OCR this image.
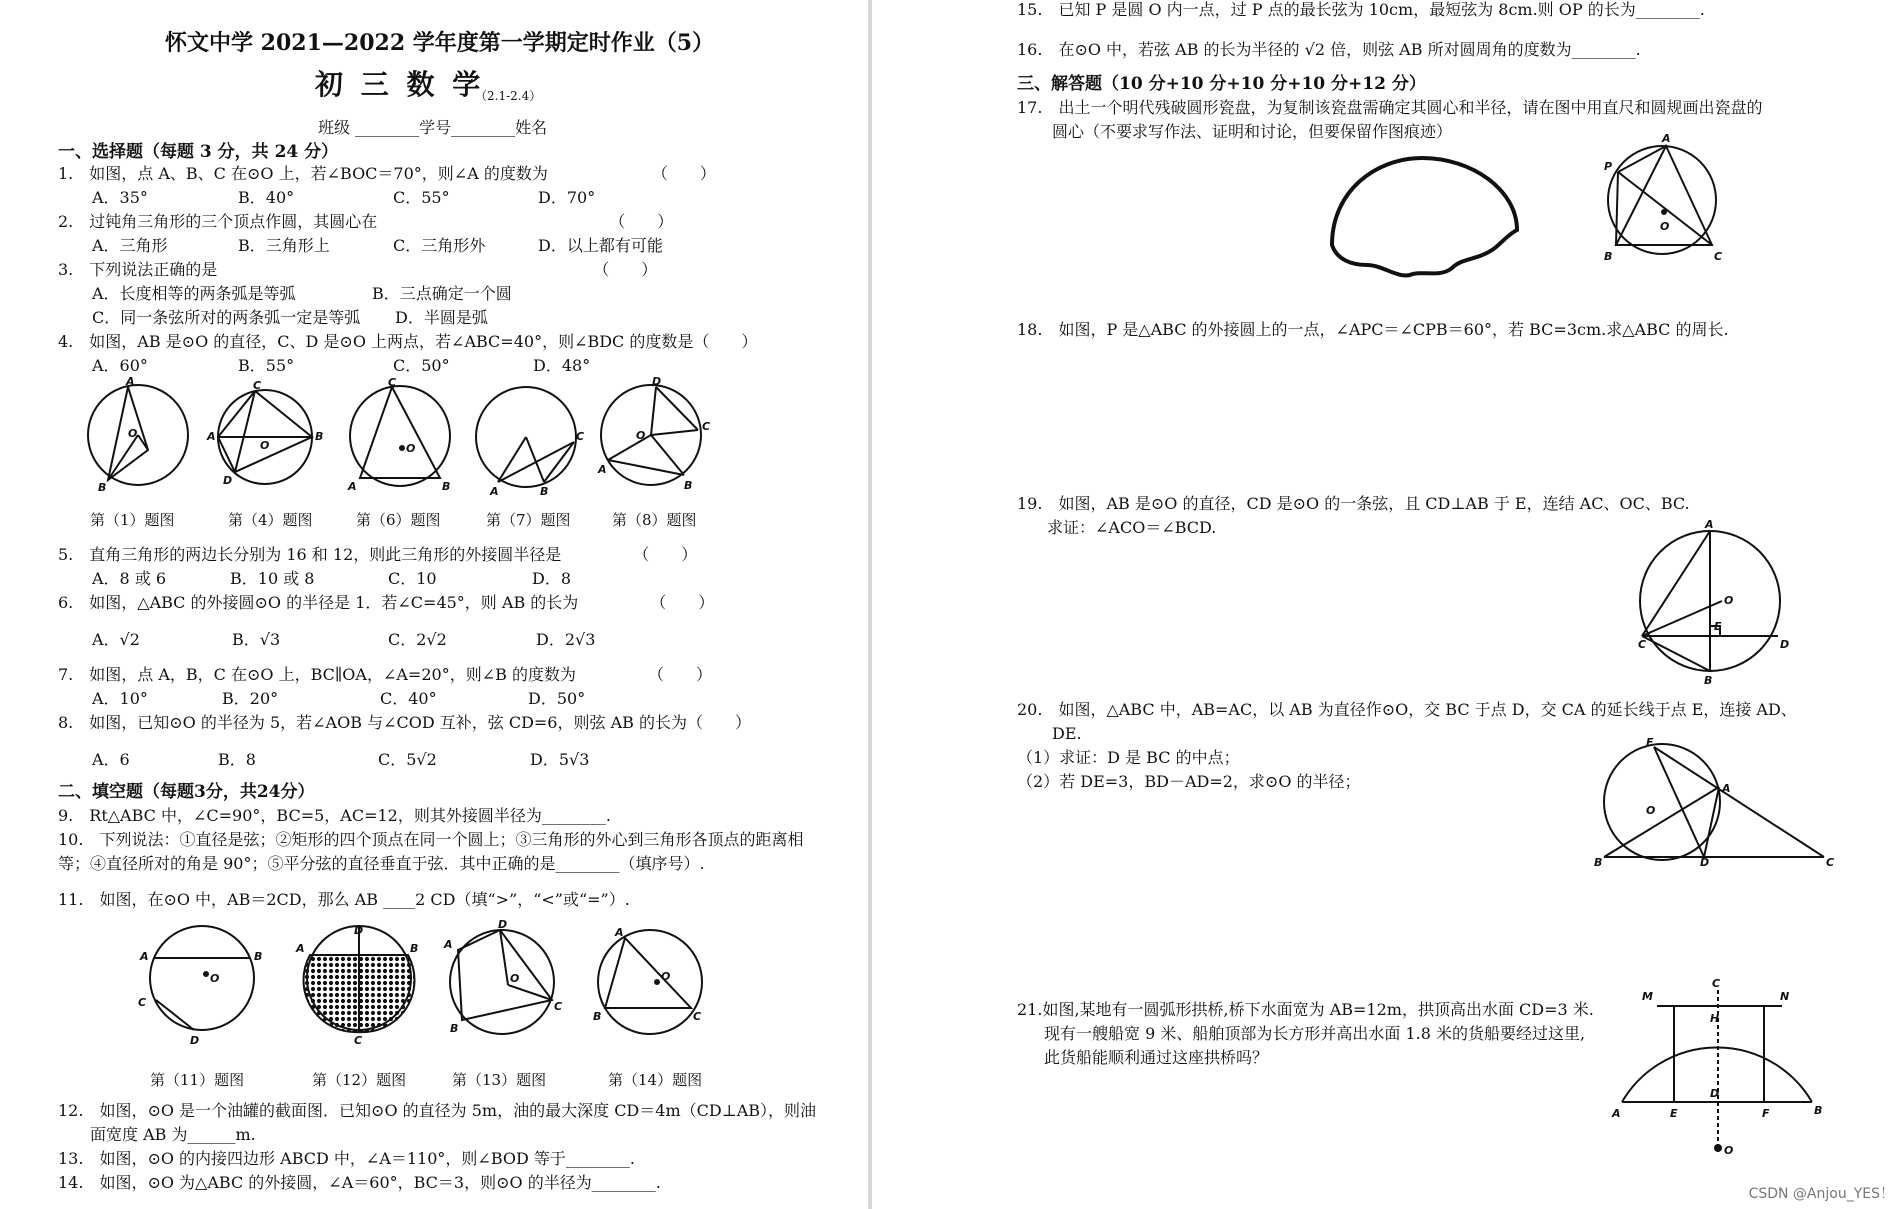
怀文中学 2021—2022 学年度第一学期定时作业（5）
初 三 数 学
（2.1-2.4）
班级 ________学号________姓名
一、选择题（每题 3 分，共 24 分）
1.　如图，点 A、B、C 在⊙O 上，若∠BOC＝70°，则∠A 的度数为　　　　　　　（　　）
A．35°	B．40°	C．55°	D．70°
2.　过钝角三角形的三个顶点作圆，其圆心在　　　　　　　　　　　　　　　（　　）
A．三角形	B．三角形上	C．三角形外	D．以上都有可能
3.　下列说法正确的是　　　　　　　　　　　　　　　　　　　　　　　　（　　）
A．长度相等的两条弧是等弧	B．三点确定一个圆
C．同一条弦所对的两条弧一定是等弧 D．半圆是弧
4.　如图，AB 是⊙O 的直径，C、D 是⊙O 上两点，若∠ABC=40°，则∠BDC 的度数是（　　）
A．60°	B．55°	C．50°	D．48°
A
O
B
C
A	B
D
O
C
O
A	B	A	B
C
D
C
O
A
B
第（1）题图	第（4）题图	第（6）题图	第（7）题图	第（8）题图
5.　直角三角形的两边长分别为 16 和 12，则此三角形的外接圆半径是　　　　　（　　）
A．8 或 6	B．10 或 8	C．10	D．8
6.　如图，△ABC 的外接圆⊙O 的半径是 1．若∠C=45°，则 AB 的长为　　　　　（　　）
A．√2	B．√3	C．2√2	D．2√3
7.　如图，点 A，B，C 在⊙O 上，BC∥OA，∠A=20°，则∠B 的度数为　　　　　（　　）
A．10°	B．20°	C．40°	D．50°
8.　如图，已知⊙O 的半径为 5，若∠AOB 与∠COD 互补，弦 CD=6，则弦 AB 的长为（　　）
A．6	B．8	C．5√2	D．5√3
二、填空题（每题3分，共24分）
9.　Rt△ABC 中，∠C=90°，BC=5，AC=12，则其外接圆半径为________.
10.　下列说法：①直径是弦；②矩形的四个顶点在同一个圆上；③三角形的外心到三角形各顶点的距离相
等；④直径所对的角是 90°；⑤平分弦的直径垂直于弦．其中正确的是________（填序号）.
11.　如图，在⊙O 中，AB＝2CD，那么 AB ____2 CD（填“>”，“<”或“=”）.
A	B
C
D
O
A	B
D
C
D
A
B
C
O
A
B	C
O
第（11）题图	第（12）题图	第（13）题图	第（14）题图
12.　如图，⊙O 是一个油罐的截面图．已知⊙O 的直径为 5m，油的最大深度 CD＝4m（CD⊥AB），则油
面宽度 AB 为______m.
13.　如图，⊙O 的内接四边形 ABCD 中，∠A＝110°，则∠BOD 等于________.
14.　如图，⊙O 为△ABC 的外接圆，∠A＝60°，BC＝3，则⊙O 的半径为________.
15.　已知 P 是圆 O 内一点，过 P 点的最长弦为 10cm，最短弦为 8cm.则 OP 的长为________.
16.　在⊙O 中，若弦 AB 的长为半径的 √2 倍，则弦 AB 所对圆周角的度数为________.
三、解答题（10 分+10 分+10 分+10 分+12 分）
17.　出土一个明代残破圆形瓷盘，为复制该瓷盘需确定其圆心和半径，请在图中用直尺和圆规画出瓷盘的
圆心（不要求写作法、证明和讨论，但要保留作图痕迹）	A
P
B	C
O
18.　如图，P 是△ABC 的外接圆上的一点，∠APC＝∠CPB＝60°，若 BC=3cm.求△ABC 的周长.
19.　如图，AB 是⊙O 的直径，CD 是⊙O 的一条弦，且 CD⊥AB 于 E，连结 AC、OC、BC.
求证：∠ACO＝∠BCD.	A
O
E
C	D
B
20.　如图，△ABC 中，AB=AC，以 AB 为直径作⊙O，交 BC 于点 D，交 CA 的延长线于点 E，连接 AD、
DE.
（1）求证：D 是 BC 的中点；
（2）若 DE=3，BD－AD=2，求⊙O 的半径；
E
A
O
B	D	C
21.如图,某地有一圆弧形拱桥,桥下水面宽为 AB=12m，拱顶高出水面 CD=3 米.
现有一艘船宽 9 米、船舶顶部为长方形并高出水面 1.8 米的货船要经过这里,
此货船能顺利通过这座拱桥吗？
M
C
N
H
D
A	E	F	B
O
CSDN @Anjou_YES！
